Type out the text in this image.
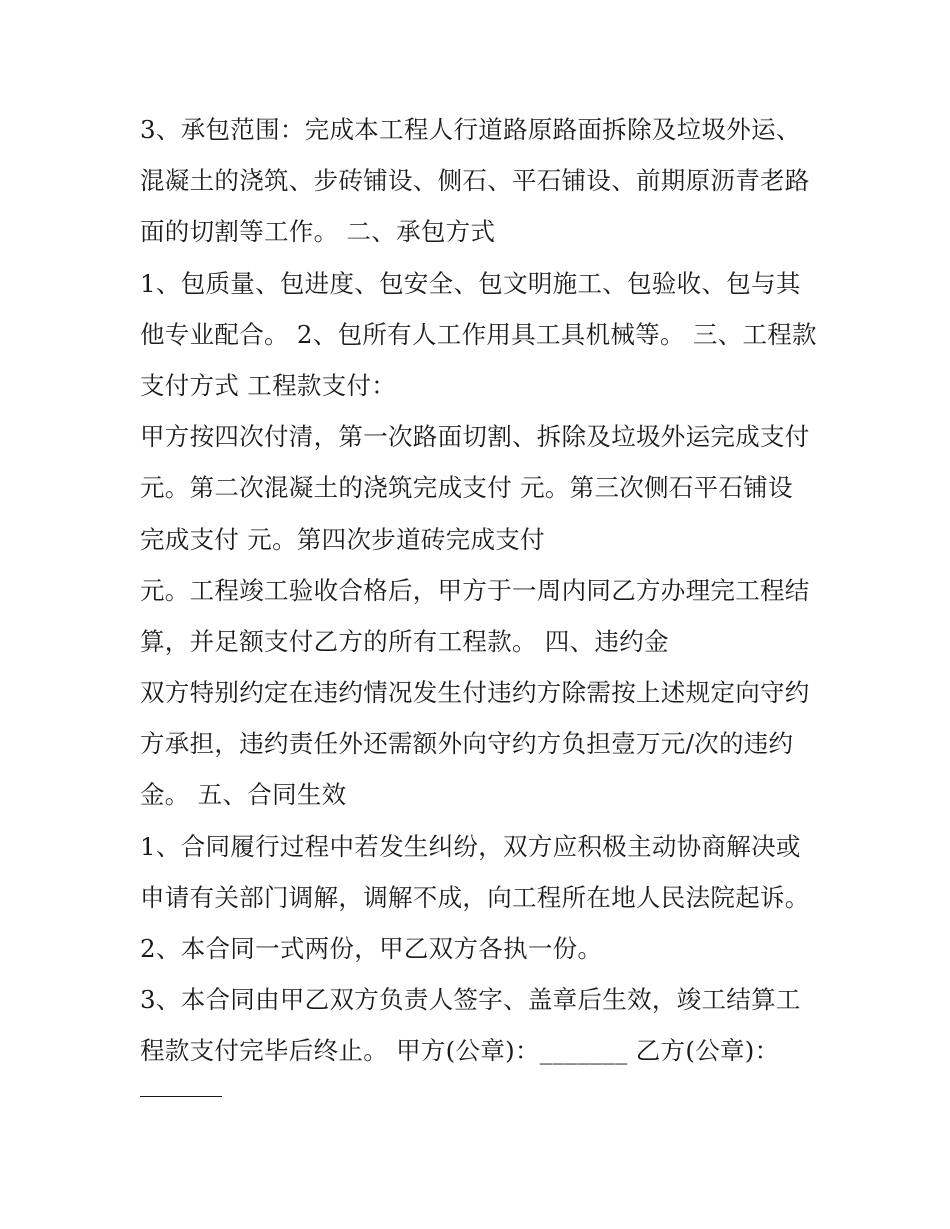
3、承包范围：完成本工程人行道路原路面拆除及垃圾外运、
混凝土的浇筑、步砖铺设、侧石、平石铺设、前期原沥青老路
面的切割等工作。 二、承包方式
1、包质量、包进度、包安全、包文明施工、包验收、包与其
他专业配合。 2、包所有人工作用具工具机械等。 三、工程款
支付方式 工程款支付：
甲方按四次付清，第一次路面切割、拆除及垃圾外运完成支付
元。第二次混凝土的浇筑完成支付 元。第三次侧石平石铺设
完成支付 元。第四次步道砖完成支付
元。工程竣工验收合格后，甲方于一周内同乙方办理完工程结
算，并足额支付乙方的所有工程款。 四、违约金
双方特别约定在违约情况发生付违约方除需按上述规定向守约
方承担，违约责任外还需额外向守约方负担壹万元/次的违约
金。 五、合同生效
1、合同履行过程中若发生纠纷，双方应积极主动协商解决或
申请有关部门调解，调解不成，向工程所在地人民法院起诉。
2、本合同一式两份，甲乙双方各执一份。
3、本合同由甲乙双方负责人签字、盖章后生效，竣工结算工
程款支付完毕后终止。 甲方(公章)：_______ 乙方(公章)：
